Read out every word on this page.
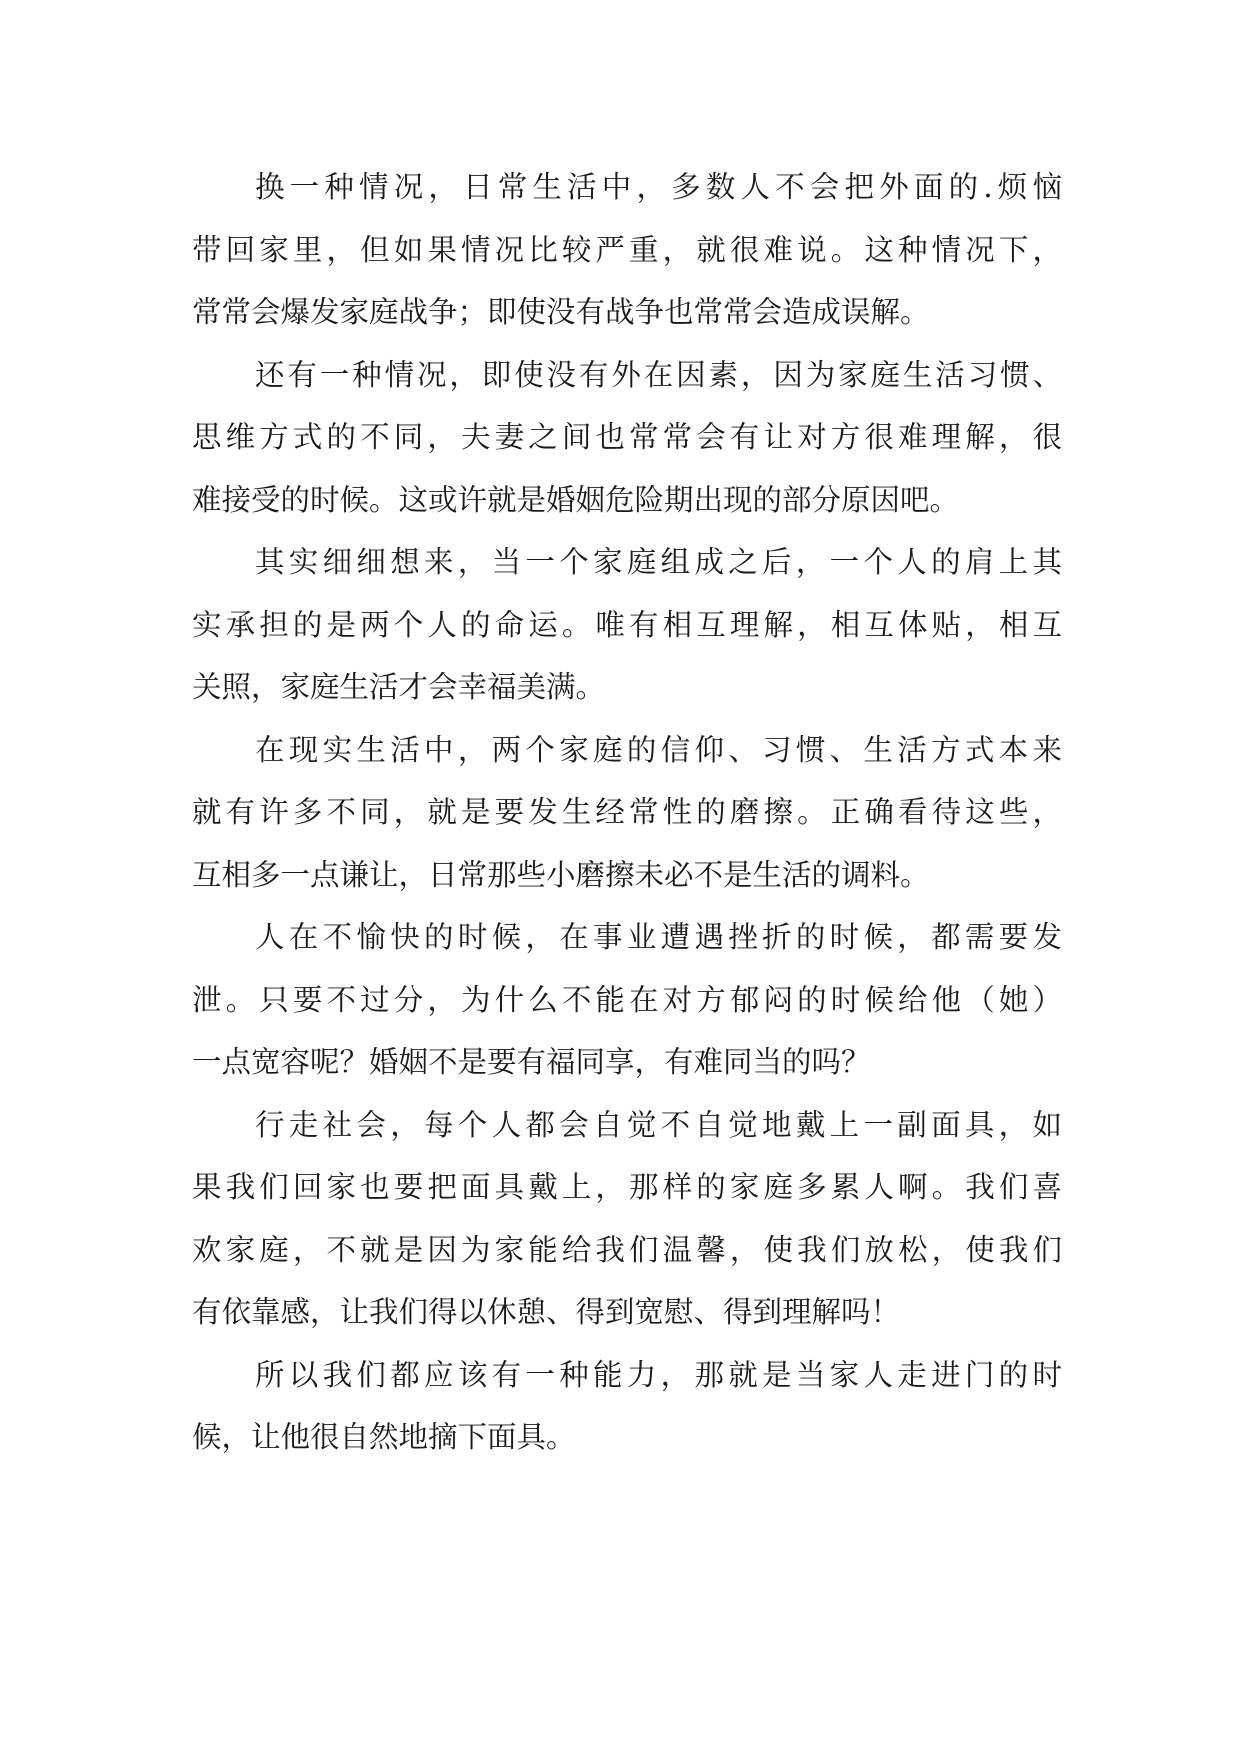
换一种情况，日常生活中，多数人不会把外面的.烦恼
带回家里，但如果情况比较严重，就很难说。这种情况下，
常常会爆发家庭战争；即使没有战争也常常会造成误解。
还有一种情况，即使没有外在因素，因为家庭生活习惯、
思维方式的不同，夫妻之间也常常会有让对方很难理解，很
难接受的时候。这或许就是婚姻危险期出现的部分原因吧。
其实细细想来，当一个家庭组成之后，一个人的肩上其
实承担的是两个人的命运。唯有相互理解，相互体贴，相互
关照，家庭生活才会幸福美满。
在现实生活中，两个家庭的信仰、习惯、生活方式本来
就有许多不同，就是要发生经常性的磨擦。正确看待这些，
互相多一点谦让，日常那些小磨擦未必不是生活的调料。
人在不愉快的时候，在事业遭遇挫折的时候，都需要发
泄。只要不过分，为什么不能在对方郁闷的时候给他（她）
一点宽容呢？婚姻不是要有福同享，有难同当的吗？
行走社会，每个人都会自觉不自觉地戴上一副面具，如
果我们回家也要把面具戴上，那样的家庭多累人啊。我们喜
欢家庭，不就是因为家能给我们温馨，使我们放松，使我们
有依靠感，让我们得以休憩、得到宽慰、得到理解吗！
所以我们都应该有一种能力，那就是当家人走进门的时
候，让他很自然地摘下面具。
